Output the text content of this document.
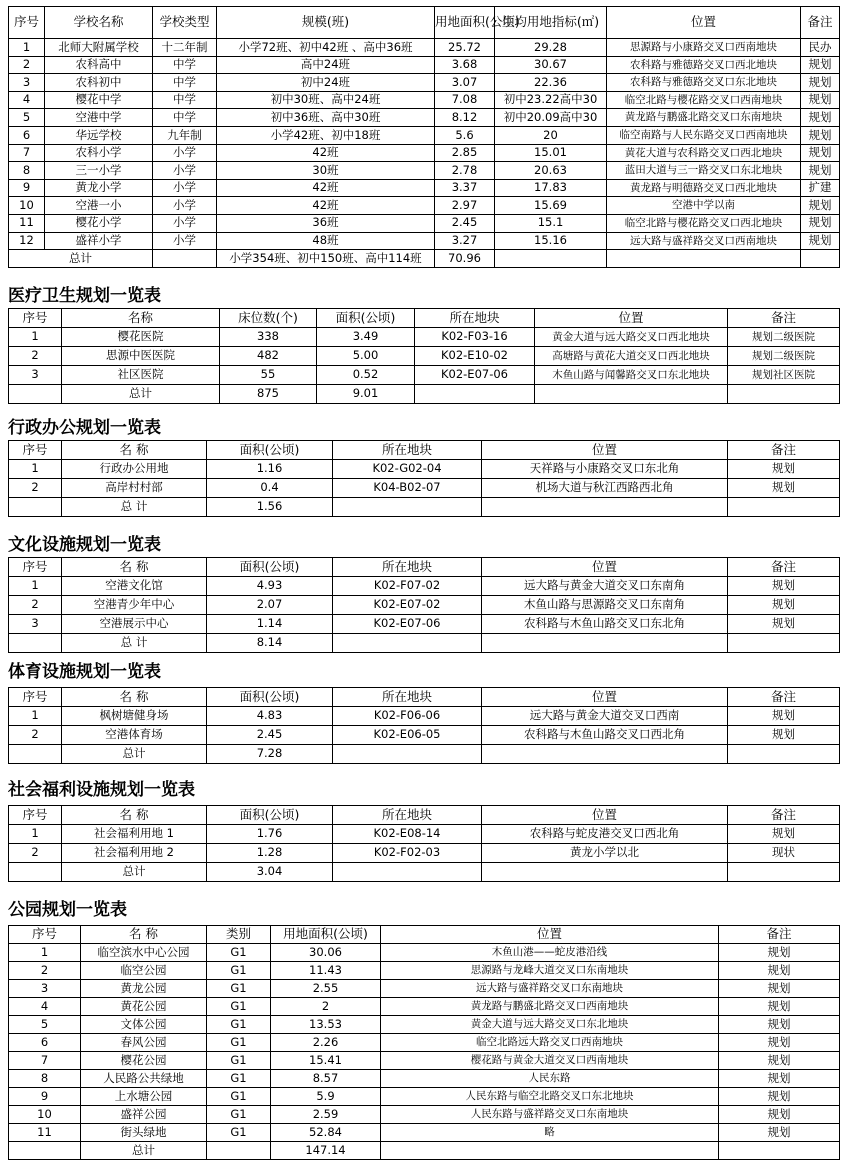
序号	学校名称	学校类型	规模(班)	用地面积(公顷)	生均用地指标(㎡)	位置	备注
1	北师大附属学校	十二年制	小学72班、初中42班 、高中36班	25.72	29.28	思源路与小康路交叉口西南地块	民办
2	农科高中	中学	高中24班	3.68	30.67	农科路与雅德路交叉口西北地块	规划
3	农科初中	中学	初中24班	3.07	22.36	农科路与雅德路交叉口东北地块	规划
4	樱花中学	中学	初中30班、高中24班	7.08	初中23.22高中30	临空北路与樱花路交叉口西南地块	规划
5	空港中学	中学	初中36班、高中30班	8.12	初中20.09高中30	黄龙路与鹏盛北路交叉口东南地块	规划
6	华远学校	九年制	小学42班、初中18班	5.6	20	临空南路与人民东路交叉口西南地块	规划
7	农科小学	小学	42班	2.85	15.01	黄花大道与农科路交叉口西北地块	规划
8	三一小学	小学	30班	2.78	20.63	蓝田大道与三一路交叉口东北地块	规划
9	黄龙小学	小学	42班	3.37	17.83	黄龙路与明德路交叉口西北地块	扩建
10	空港一小	小学	42班	2.97	15.69	空港中学以南	规划
11	樱花小学	小学	36班	2.45	15.1	临空北路与樱花路交叉口西北地块	规划
12	盛祥小学	小学	48班	3.27	15.16	远大路与盛祥路交叉口西南地块	规划
总计			小学354班、初中150班、高中114班	70.96			
医疗卫生规划一览表
序号	名称	床位数(个)	面积(公顷)	所在地块	位置	备注
1	樱花医院	338	3.49	K02-F03-16	黄金大道与远大路交叉口西北地块	规划二级医院
2	思源中医医院	482	5.00	K02-E10-02	高塘路与黄花大道交叉口西北地块	规划二级医院
3	社区医院	55	0.52	K02-E07-06	木鱼山路与闻馨路交叉口东北地块	规划社区医院
	总计	875	9.01			
行政办公规划一览表
序号	名 称	面积(公顷)	所在地块	位置	备注
1	行政办公用地	1.16	K02-G02-04	天祥路与小康路交叉口东北角	规划
2	高岸村村部	0.4	K04-B02-07	机场大道与秋江西路西北角	规划
	总 计	1.56			
文化设施规划一览表
序号	名 称	面积(公顷)	所在地块	位置	备注
1	空港文化馆	4.93	K02-F07-02	远大路与黄金大道交叉口东南角	规划
2	空港青少年中心	2.07	K02-E07-02	木鱼山路与思源路交叉口东南角	规划
3	空港展示中心	1.14	K02-E07-06	农科路与木鱼山路交叉口东北角	规划
	总 计	8.14			
体育设施规划一览表
序号	名 称	面积(公顷)	所在地块	位置	备注
1	枫树塘健身场	4.83	K02-F06-06	远大路与黄金大道交叉口西南	规划
2	空港体育场	2.45	K02-E06-05	农科路与木鱼山路交叉口西北角	规划
	总计	7.28			
社会福利设施规划一览表
序号	名 称	面积(公顷)	所在地块	位置	备注
1	社会福利用地 1	1.76	K02-E08-14	农科路与蛇皮港交叉口西北角	规划
2	社会福利用地 2	1.28	K02-F02-03	黄龙小学以北	现状
	总计	3.04			
公园规划一览表
序号	名 称	类别	用地面积(公顷)	位置	备注
1	临空滨水中心公园	G1	30.06	木鱼山港——蛇皮港沿线	规划
2	临空公园	G1	11.43	思源路与龙峰大道交叉口东南地块	规划
3	黄龙公园	G1	2.55	远大路与盛祥路交叉口东南地块	规划
4	黄花公园	G1	2	黄龙路与鹏盛北路交叉口西南地块	规划
5	文体公园	G1	13.53	黄金大道与远大路交叉口东北地块	规划
6	春风公园	G1	2.26	临空北路远大路交叉口西南地块	规划
7	樱花公园	G1	15.41	樱花路与黄金大道交叉口西南地块	规划
8	人民路公共绿地	G1	8.57	人民东路	规划
9	上水塘公园	G1	5.9	人民东路与临空北路交叉口东北地块	规划
10	盛祥公园	G1	2.59	人民东路与盛祥路交叉口东南地块	规划
11	街头绿地	G1	52.84	略	规划
	总计		147.14		
